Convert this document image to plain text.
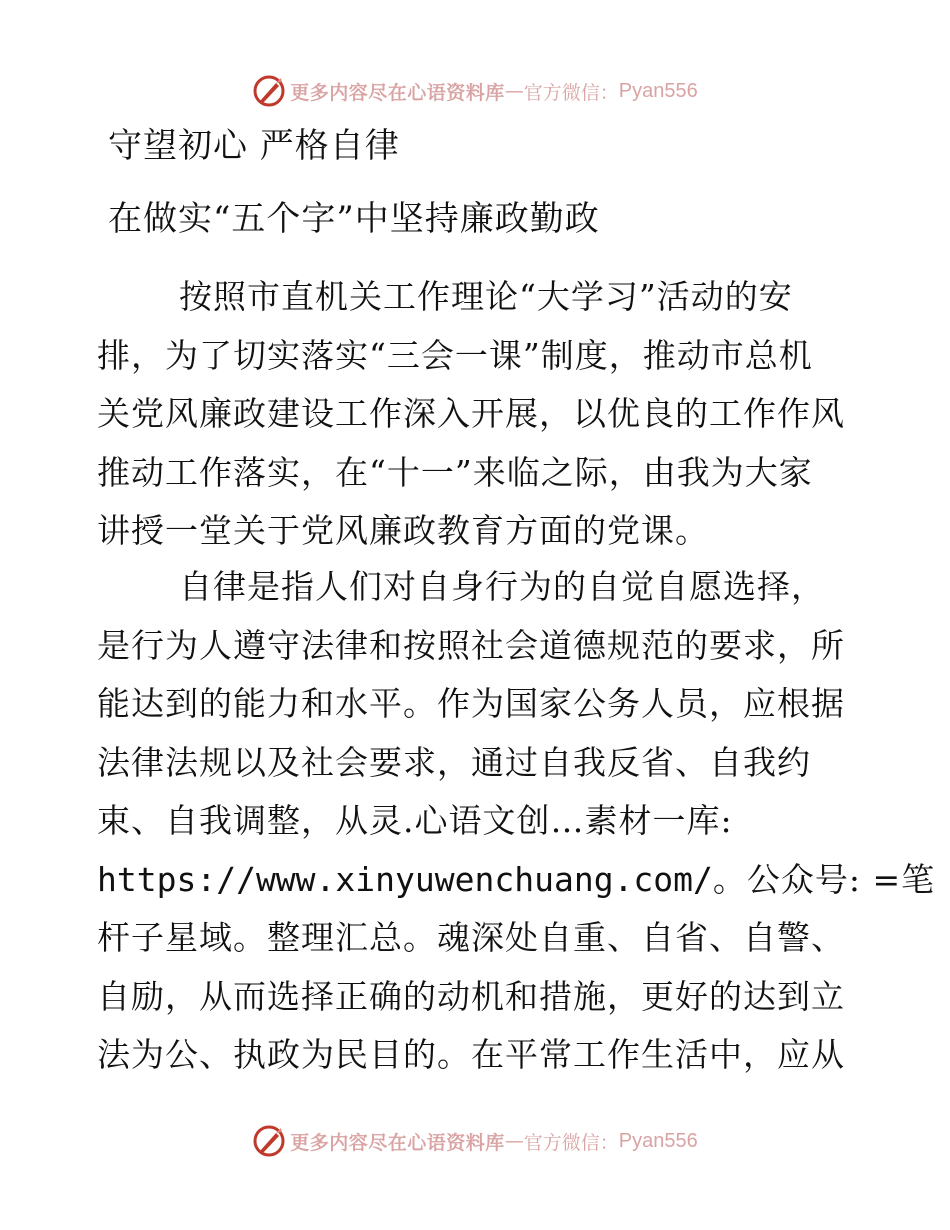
更多内容尽在心语资料库 — 官方微信： Pyan556
守望初心 严格自律
在做实“五个字”中坚持廉政勤政

按照市直机关工作理论“大学习”活动的安
排，为了切实落实“三会一课”制度，推动市总机
关党风廉政建设工作深入开展，以优良的工作作风
推动工作落实，在“十一”来临之际，由我为大家
讲授一堂关于党风廉政教育方面的党课。

自律是指人们对自身行为的自觉自愿选择，
是行为人遵守法律和按照社会道德规范的要求，所
能达到的能力和水平。作为国家公务人员，应根据
法律法规以及社会要求，通过自我反省、自我约
束、自我调整，从灵.心语文创…素材一库:
https://www.xinyuwenchuang.com/。公众号: =笔
杆子星域。整理汇总。魂深处自重、自省、自警、
自励，从而选择正确的动机和措施，更好的达到立
法为公、执政为民目的。在平常工作生活中，应从

更多内容尽在心语资料库 — 官方微信： Pyan556
